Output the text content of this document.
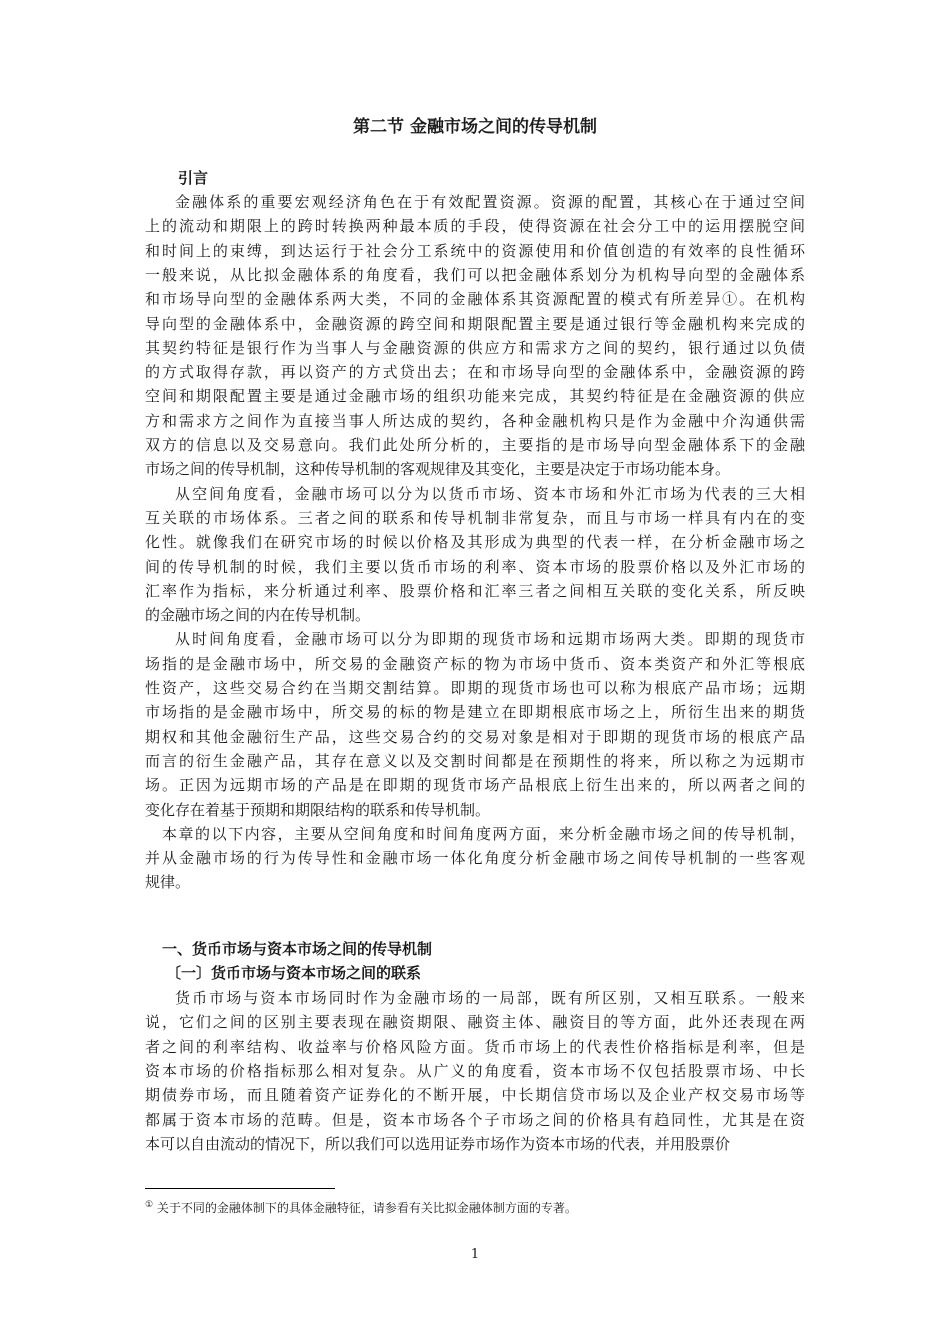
第二节 金融市场之间的传导机制
引言
金融体系的重要宏观经济角色在于有效配置资源。资源的配置，其核心在于通过空间
上的流动和期限上的跨时转换两种最本质的手段，使得资源在社会分工中的运用摆脱空间
和时间上的束缚，到达运行于社会分工系统中的资源使用和价值创造的有效率的良性循环
一般来说，从比拟金融体系的角度看，我们可以把金融体系划分为机构导向型的金融体系
和市场导向型的金融体系两大类，不同的金融体系其资源配置的模式有所差异①。在机构
导向型的金融体系中，金融资源的跨空间和期限配置主要是通过银行等金融机构来完成的
其契约特征是银行作为当事人与金融资源的供应方和需求方之间的契约，银行通过以负债
的方式取得存款，再以资产的方式贷出去；在和市场导向型的金融体系中，金融资源的跨
空间和期限配置主要是通过金融市场的组织功能来完成，其契约特征是在金融资源的供应
方和需求方之间作为直接当事人所达成的契约，各种金融机构只是作为金融中介沟通供需
双方的信息以及交易意向。我们此处所分析的，主要指的是市场导向型金融体系下的金融
市场之间的传导机制，这种传导机制的客观规律及其变化，主要是决定于市场功能本身。
从空间角度看，金融市场可以分为以货币市场、资本市场和外汇市场为代表的三大相
互关联的市场体系。三者之间的联系和传导机制非常复杂，而且与市场一样具有内在的变
化性。就像我们在研究市场的时候以价格及其形成为典型的代表一样，在分析金融市场之
间的传导机制的时候，我们主要以货币市场的利率、资本市场的股票价格以及外汇市场的
汇率作为指标，来分析通过利率、股票价格和汇率三者之间相互关联的变化关系，所反映
的金融市场之间的内在传导机制。
从时间角度看，金融市场可以分为即期的现货市场和远期市场两大类。即期的现货市
场指的是金融市场中，所交易的金融资产标的物为市场中货币、资本类资产和外汇等根底
性资产，这些交易合约在当期交割结算。即期的现货市场也可以称为根底产品市场；远期
市场指的是金融市场中，所交易的标的物是建立在即期根底市场之上，所衍生出来的期货
期权和其他金融衍生产品，这些交易合约的交易对象是相对于即期的现货市场的根底产品
而言的衍生金融产品，其存在意义以及交割时间都是在预期性的将来，所以称之为远期市
场。正因为远期市场的产品是在即期的现货市场产品根底上衍生出来的，所以两者之间的
变化存在着基于预期和期限结构的联系和传导机制。
本章的以下内容，主要从空间角度和时间角度两方面，来分析金融市场之间的传导机制，
并从金融市场的行为传导性和金融市场一体化角度分析金融市场之间传导机制的一些客观
规律。
货币市场与资本市场同时作为金融市场的一局部，既有所区别，又相互联系。一般来
说，它们之间的区别主要表现在融资期限、融资主体、融资目的等方面，此外还表现在两
者之间的利率结构、收益率与价格风险方面。货币市场上的代表性价格指标是利率，但是
资本市场的价格指标那么相对复杂。从广义的角度看，资本市场不仅包括股票市场、中长
期债券市场，而且随着资产证券化的不断开展，中长期信贷市场以及企业产权交易市场等
都属于资本市场的范畴。但是，资本市场各个子市场之间的价格具有趋同性，尤其是在资
本可以自由流动的情况下，所以我们可以选用证券市场作为资本市场的代表，并用股票价
一、货币市场与资本市场之间的传导机制
〔一〕货币市场与资本市场之间的联系
① 关于不同的金融体制下的具体金融特征，请参看有关比拟金融体制方面的专著。
1
